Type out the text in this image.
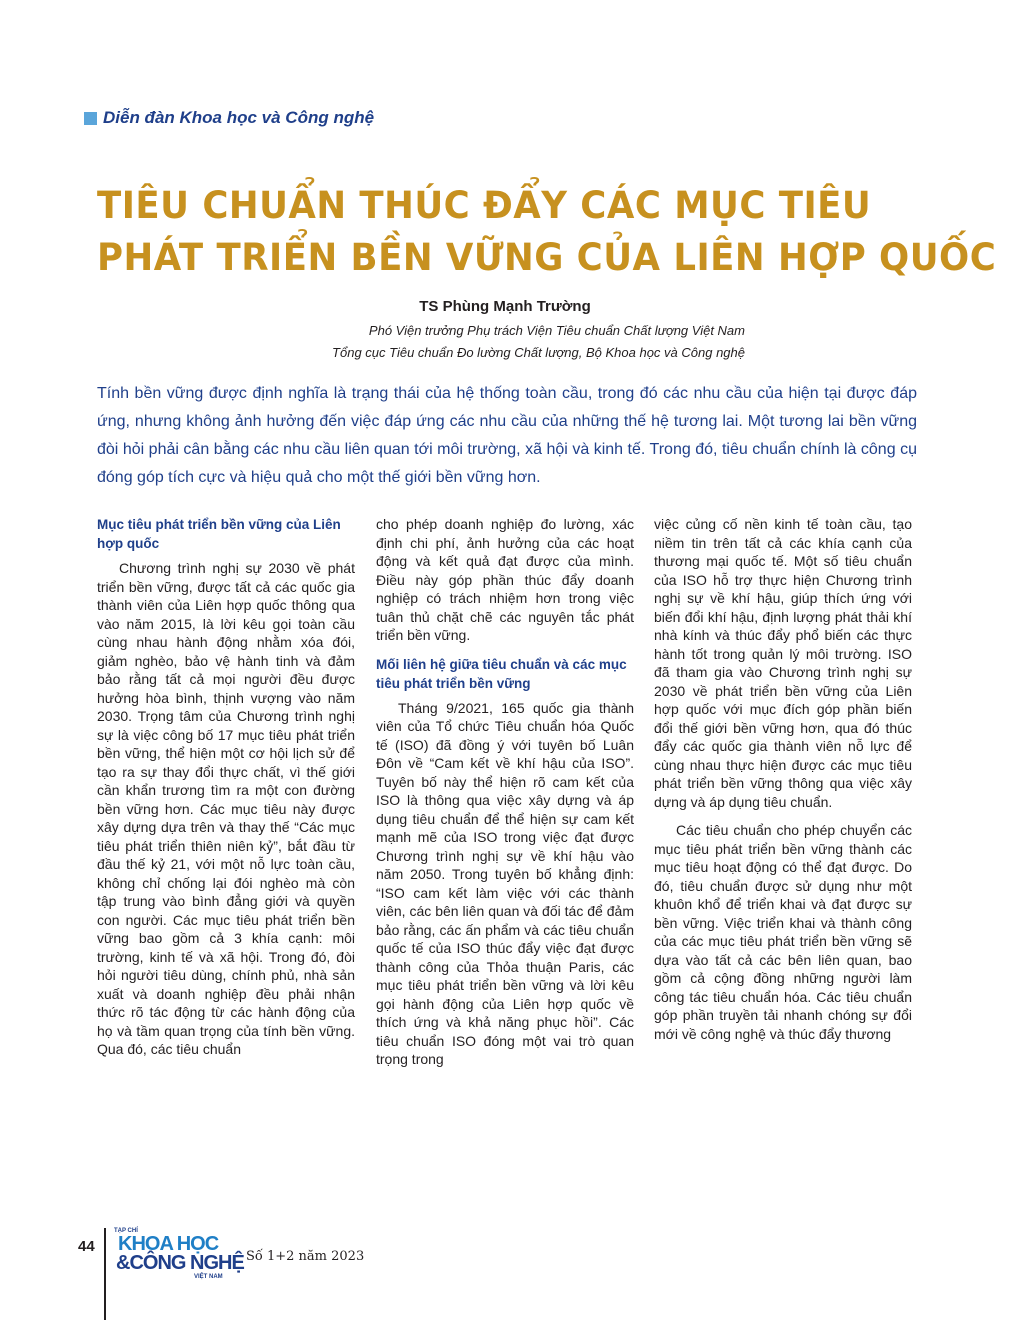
Diễn đàn Khoa học và Công nghệ
TIÊU CHUẨN THÚC ĐẨY CÁC MỤC TIÊU
PHÁT TRIỂN BỀN VỮNG CỦA LIÊN HỢP QUỐC
TS Phùng Mạnh Trường
Phó Viện trưởng Phụ trách Viện Tiêu chuẩn Chất lượng Việt Nam
Tổng cục Tiêu chuẩn Đo lường Chất lượng, Bộ Khoa học và Công nghệ
Tính bền vững được định nghĩa là trạng thái của hệ thống toàn cầu, trong đó các nhu cầu của hiện tại được đáp ứng, nhưng không ảnh hưởng đến việc đáp ứng các nhu cầu của những thế hệ tương lai. Một tương lai bền vững đòi hỏi phải cân bằng các nhu cầu liên quan tới môi trường, xã hội và kinh tế. Trong đó, tiêu chuẩn chính là công cụ đóng góp tích cực và hiệu quả cho một thế giới bền vững hơn.
Mục tiêu phát triển bền vững của Liên hợp quốc

Chương trình nghị sự 2030 về phát triển bền vững, được tất cả các quốc gia thành viên của Liên hợp quốc thông qua vào năm 2015, là lời kêu gọi toàn cầu cùng nhau hành động nhằm xóa đói, giảm nghèo, bảo vệ hành tinh và đảm bảo rằng tất cả mọi người đều được hưởng hòa bình, thịnh vượng vào năm 2030. Trọng tâm của Chương trình nghị sự là việc công bố 17 mục tiêu phát triển bền vững, thể hiện một cơ hội lịch sử để tạo ra sự thay đổi thực chất, vì thế giới cần khẩn trương tìm ra một con đường bền vững hơn. Các mục tiêu này được xây dựng dựa trên và thay thế “Các mục tiêu phát triển thiên niên kỷ”, bắt đầu từ đầu thế kỷ 21, với một nỗ lực toàn cầu, không chỉ chống lại đói nghèo mà còn tập trung vào bình đẳng giới và quyền con người. Các mục tiêu phát triển bền vững bao gồm cả 3 khía cạnh: môi trường, kinh tế và xã hội. Trong đó, đòi hỏi người tiêu dùng, chính phủ, nhà sản xuất và doanh nghiệp đều phải nhận thức rõ tác động từ các hành động của họ và tầm quan trọng của tính bền vững. Qua đó, các tiêu chuẩn

cho phép doanh nghiệp đo lường, xác định chi phí, ảnh hưởng của các hoạt động và kết quả đạt được của mình. Điều này góp phần thúc đẩy doanh nghiệp có trách nhiệm hơn trong việc tuân thủ chặt chẽ các nguyên tắc phát triển bền vững.

Mối liên hệ giữa tiêu chuẩn và các mục tiêu phát triển bền vững

Tháng 9/2021, 165 quốc gia thành viên của Tổ chức Tiêu chuẩn hóa Quốc tế (ISO) đã đồng ý với tuyên bố Luân Đôn về “Cam kết về khí hậu của ISO”. Tuyên bố này thể hiện rõ cam kết của ISO là thông qua việc xây dựng và áp dụng tiêu chuẩn để thể hiện sự cam kết mạnh mẽ của ISO trong việc đạt được Chương trình nghị sự về khí hậu vào năm 2050. Trong tuyên bố khẳng định: “ISO cam kết làm việc với các thành viên, các bên liên quan và đối tác để đảm bảo rằng, các ấn phẩm và các tiêu chuẩn quốc tế của ISO thúc đẩy việc đạt được thành công của Thỏa thuận Paris, các mục tiêu phát triển bền vững và lời kêu gọi hành động của Liên hợp quốc về thích ứng và khả năng phục hồi”. Các tiêu chuẩn ISO đóng một vai trò quan trọng trong

việc củng cố nền kinh tế toàn cầu, tạo niềm tin trên tất cả các khía cạnh của thương mại quốc tế. Một số tiêu chuẩn của ISO hỗ trợ thực hiện Chương trình nghị sự về khí hậu, giúp thích ứng với biến đổi khí hậu, định lượng phát thải khí nhà kính và thúc đẩy phổ biến các thực hành tốt trong quản lý môi trường. ISO đã tham gia vào Chương trình nghị sự 2030 về phát triển bền vững của Liên hợp quốc với mục đích góp phần biến đổi thế giới bền vững hơn, qua đó thúc đẩy các quốc gia thành viên nỗ lực để cùng nhau thực hiện được các mục tiêu phát triển bền vững thông qua việc xây dựng và áp dụng tiêu chuẩn.

Các tiêu chuẩn cho phép chuyển các mục tiêu phát triển bền vững thành các mục tiêu hoạt động có thể đạt được. Do đó, tiêu chuẩn được sử dụng như một khuôn khổ để triển khai và đạt được sự bền vững. Việc triển khai và thành công của các mục tiêu phát triển bền vững sẽ dựa vào tất cả các bên liên quan, bao gồm cả cộng đồng những người làm công tác tiêu chuẩn hóa. Các tiêu chuẩn góp phần truyền tải nhanh chóng sự đổi mới về công nghệ và thúc đẩy thương

44
TẠP CHÍ
KHOA HỌC
&CÔNG NGHỆ
VIỆT NAM
Số 1+2 năm 2023
